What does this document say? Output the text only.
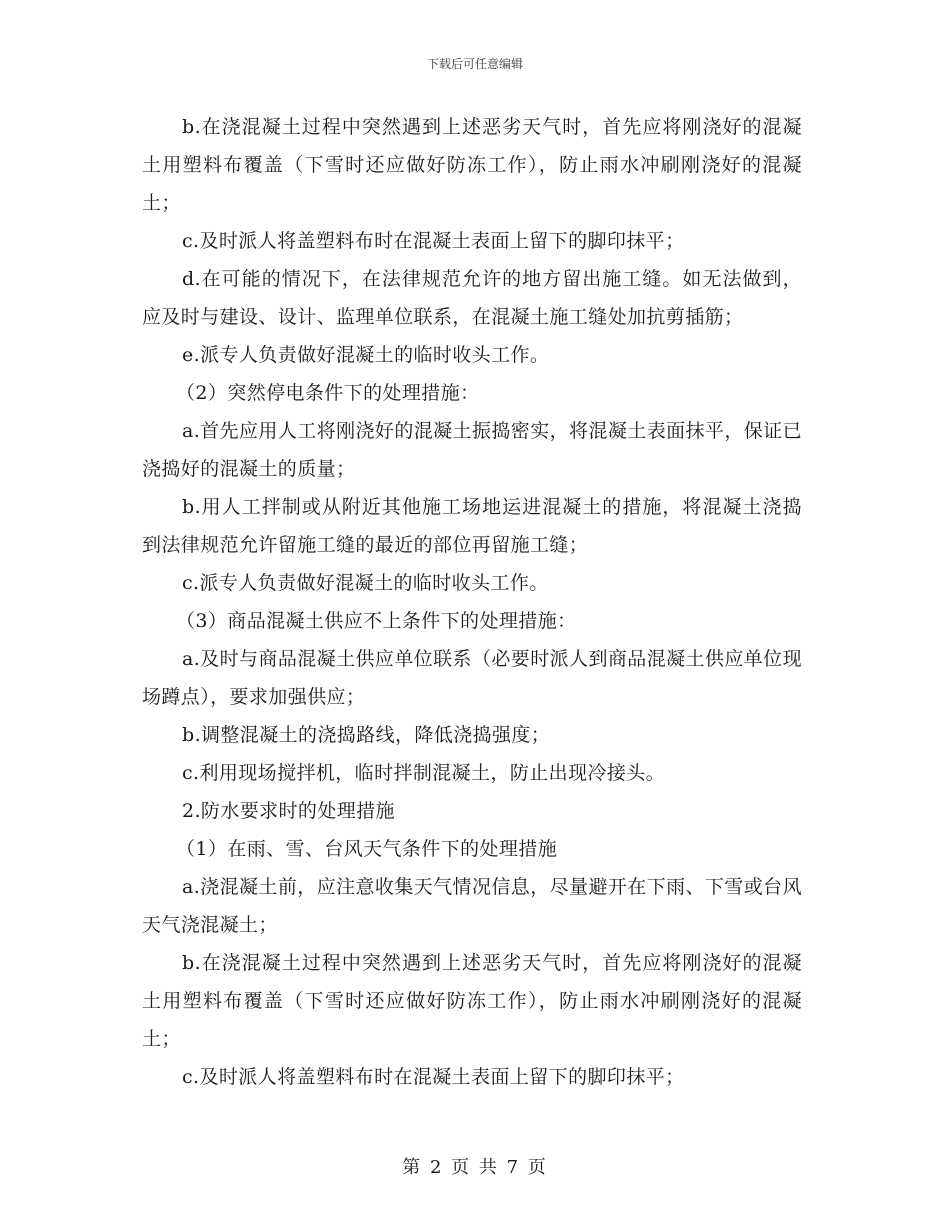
下载后可任意编辑

b.在浇混凝土过程中突然遇到上述恶劣天气时，首先应将刚浇好的混凝土用塑料布覆盖（下雪时还应做好防冻工作），防止雨水冲刷刚浇好的混凝土；

c.及时派人将盖塑料布时在混凝土表面上留下的脚印抹平；

d.在可能的情况下，在法律规范允许的地方留出施工缝。如无法做到，应及时与建设、设计、监理单位联系，在混凝土施工缝处加抗剪插筋；

e.派专人负责做好混凝土的临时收头工作。

（2）突然停电条件下的处理措施：

a.首先应用人工将刚浇好的混凝土振捣密实，将混凝土表面抹平，保证已浇捣好的混凝土的质量；

b.用人工拌制或从附近其他施工场地运进混凝土的措施，将混凝土浇捣到法律规范允许留施工缝的最近的部位再留施工缝；

c.派专人负责做好混凝土的临时收头工作。

（3）商品混凝土供应不上条件下的处理措施：

a.及时与商品混凝土供应单位联系（必要时派人到商品混凝土供应单位现场蹲点），要求加强供应；

b.调整混凝土的浇捣路线，降低浇捣强度；

c.利用现场搅拌机，临时拌制混凝土，防止出现冷接头。

2.防水要求时的处理措施

（1）在雨、雪、台风天气条件下的处理措施

a.浇混凝土前，应注意收集天气情况信息，尽量避开在下雨、下雪或台风天气浇混凝土；

b.在浇混凝土过程中突然遇到上述恶劣天气时，首先应将刚浇好的混凝土用塑料布覆盖（下雪时还应做好防冻工作），防止雨水冲刷刚浇好的混凝土；

c.及时派人将盖塑料布时在混凝土表面上留下的脚印抹平；

第 2 页 共 7 页
